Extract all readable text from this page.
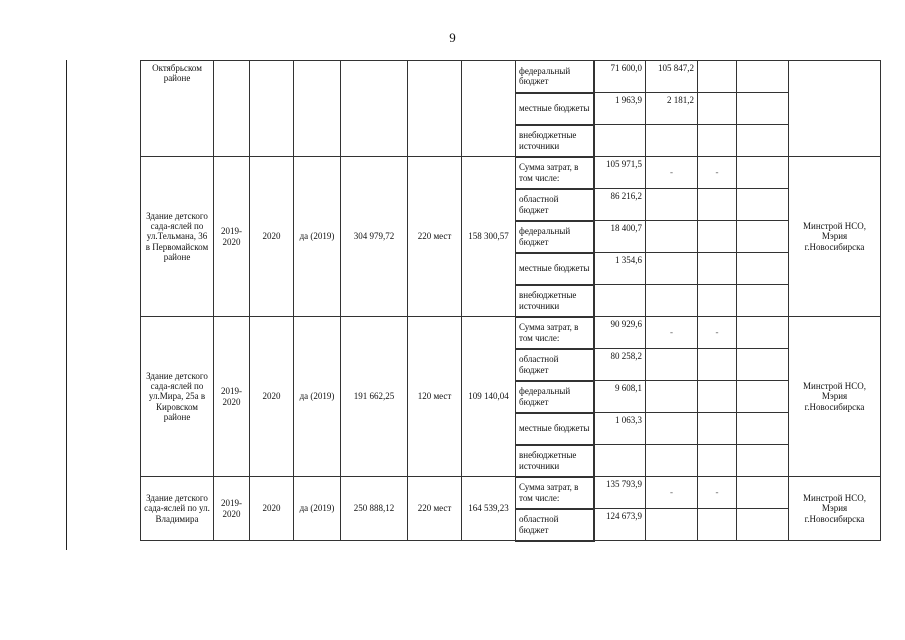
9
Октябрьском районе							федеральный бюджет	71 600,0	105 847,2			
							местные бюджеты	1 963,9	2 181,2			
							внебюджетные источники					
Здание детского сада-яслей по ул.Тельмана, 36 в Первомайском районе	2019-2020	2020	да (2019)	304 979,72	220 мест	158 300,57	Сумма затрат, в том числе:	105 971,5	-	-		Минстрой НСО, Мэрия г.Новосибирска
							областной бюджет	86 216,2				
							федеральный бюджет	18 400,7				
							местные бюджеты	1 354,6				
							внебюджетные источники					
Здание детского сада-яслей по ул.Мира, 25а в Кировском районе	2019-2020	2020	да (2019)	191 662,25	120 мест	109 140,04	Сумма затрат, в том числе:	90 929,6	-	-		Минстрой НСО, Мэрия г.Новосибирска
							областной бюджет	80 258,2				
							федеральный бюджет	9 608,1				
							местные бюджеты	1 063,3				
							внебюджетные источники					
Здание детского сада-яслей по ул. Владимира	2019-2020	2020	да (2019)	250 888,12	220 мест	164 539,23	Сумма затрат, в том числе:	135 793,9	-	-		Минстрой НСО, Мэрия г.Новосибирска
							областной бюджет	124 673,9				
